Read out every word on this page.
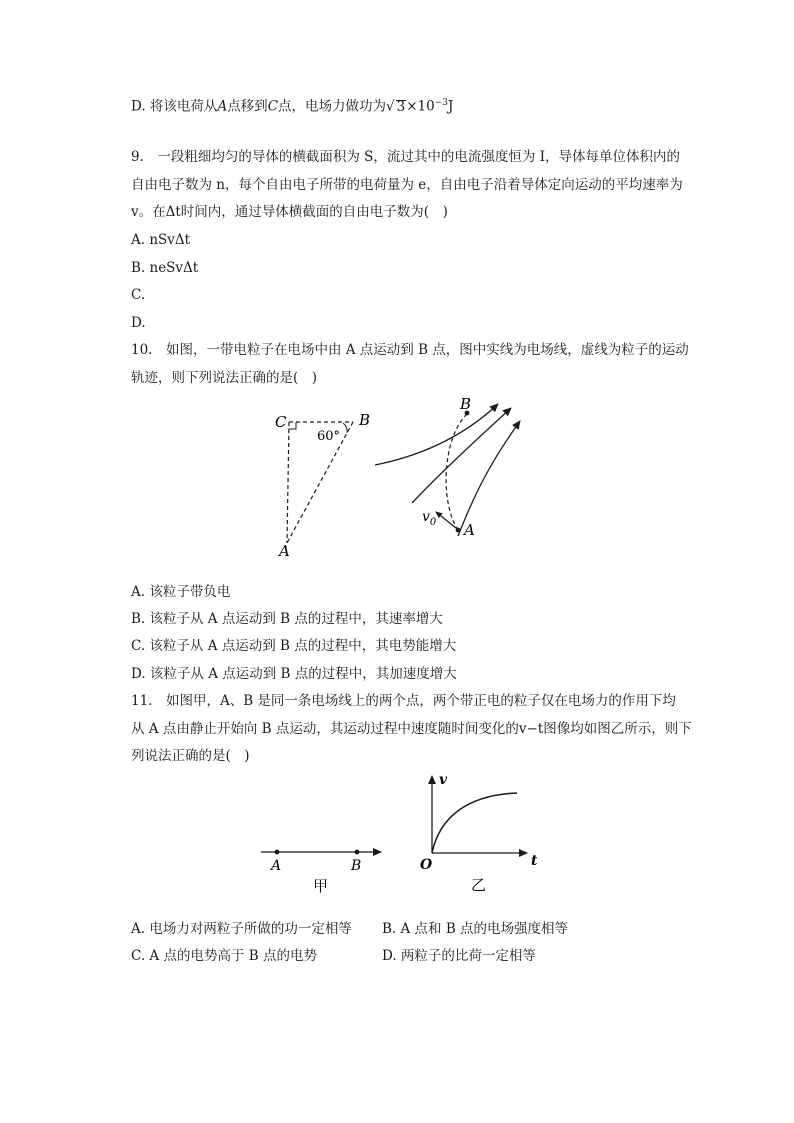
D. 将该电荷从A点移到C点，电场力做功为√ $3\times 10^{-3}J$
9.　一段粗细均匀的导体的横截面积为 S，流过其中的电流强度恒为 I，导体每单位体积内的
自由电子数为 n，每个自由电子所带的电荷量为 e，自由电子沿着导体定向运动的平均速率为
v。在Δt时间内，通过导体横截面的自由电子数为(　)
A. nSvΔt
B. neSvΔt
C.
D.
10.　如图，一带电粒子在电场中由 A 点运动到 B 点，图中实线为电场线，虚线为粒子的运动
轨迹，则下列说法正确的是(　)
C	B
A
60°
B
A
$v_0$
A. 该粒子带负电
B. 该粒子从 A 点运动到 B 点的过程中，其速率增大
C. 该粒子从 A 点运动到 B 点的过程中，其电势能增大
D. 该粒子从 A 点运动到 B 点的过程中，其加速度增大
11.　如图甲，A、B 是同一条电场线上的两个点，两个带正电的粒子仅在电场力的作用下均
从 A 点由静止开始向 B 点运动，其运动过程中速度随时间变化的v−t图像均如图乙所示，则下
列说法正确的是(　)
A	B
甲
v
t
O
乙
A. 电场力对两粒子所做的功一定相等 B. A 点和 B 点的电场强度相等
C. A 点的电势高于 B 点的电势	D. 两粒子的比荷一定相等
